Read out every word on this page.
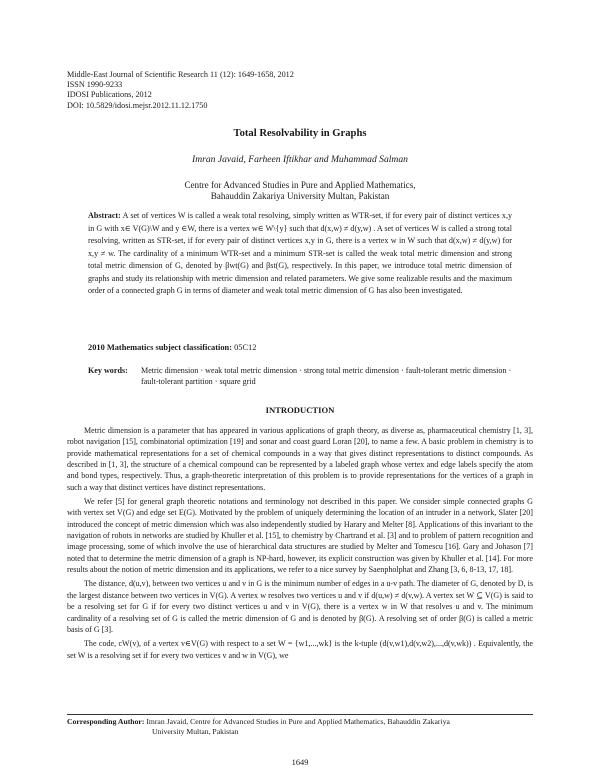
Middle-East Journal of Scientific Research 11 (12): 1649-1658, 2012
ISSN 1990-9233
IDOSI Publications, 2012
DOI: 10.5829/idosi.mejsr.2012.11.12.1750
Total Resolvability in Graphs
Imran Javaid, Farheen Iftikhar and Muhammad Salman
Centre for Advanced Studies in Pure and Applied Mathematics,
Bahauddin Zakariya University Multan, Pakistan
Abstract: A set of vertices W is called a weak total resolving, simply written as WTR-set, if for every pair of distinct vertices x,y in G with x∈ V(G)\W and y ∈W, there is a vertex w∈ W\{y} such that d(x,w) ≠ d(y,w) . A set of vertices W is called a strong total resolving, written as STR-set, if for every pair of distinct vertices x,y in G, there is a vertex w in W such that d(x,w) ≠ d(y,w) for x,y ≠ w. The cardinality of a minimum WTR-set and a minimum STR-set is called the weak total metric dimension and strong total metric dimension of G, denoted by βwt(G) and βst(G), respectively. In this paper, we introduce total metric dimension of graphs and study its relationship with metric dimension and related parameters. We give some realizable results and the maximum order of a connected graph G in terms of diameter and weak total metric dimension of G has also been investigated.
2010 Mathematics subject classification: 05C12
Key words:	Metric dimension ⋅ weak total metric dimension ⋅ strong total metric dimension ⋅ fault-tolerant metric dimension ⋅ fault-tolerant partition ⋅ square grid
INTRODUCTION

Metric dimension is a parameter that has appeared in various applications of graph theory, as diverse as, pharmaceutical chemistry [1, 3], robot navigation [15], combinatorial optimization [19] and sonar and coast guard Loran [20], to name a few. A basic problem in chemistry is to provide mathematical representations for a set of chemical compounds in a way that gives distinct representations to distinct compounds. As described in [1, 3], the structure of a chemical compound can be represented by a labeled graph whose vertex and edge labels specify the atom and bond types, respectively. Thus, a graph-theoretic interpretation of this problem is to provide representations for the vertices of a graph in such a way that distinct vertices have distinct representations.

We refer [5] for general graph theoretic notations and terminology not described in this paper. We consider simple connected graphs G with vertex set V(G) and edge set E(G). Motivated by the problem of uniquely determining the location of an intruder in a network, Slater [20] introduced the concept of metric dimension which was also independently studied by Harary and Melter [8]. Applications of this invariant to the navigation of robots in networks are studied by Khuller et al. [15], to chemistry by Chartrand et al. [3] and to problem of pattern recognition and image processing, some of which involve the use of hierarchical data structures are studied by Melter and Tomescu [16]. Gary and Johason [7] noted that to determine the metric dimension of a graph is NP-hard, however, its explicit construction was given by Khuller et al. [14]. For more results about the notion of metric dimension and its applications, we refer to a nice survey by Saenpholphat and Zhang [3, 6, 8-13, 17, 18].

The distance, d(u,v), between two vertices u and v in G is the minimum number of edges in a u-v path. The diameter of G, denoted by D, is the largest distance between two vertices in V(G). A vertex w resolves two vertices u and v if d(u,w) ≠ d(v,w). A vertex set W ⊆ V(G) is said to be a resolving set for G if for every two distinct vertices u and v in V(G), there is a vertex w in W that resolves u and v. The minimum cardinality of a resolving set of G is called the metric dimension of G and is denoted by β(G). A resolving set of order β(G) is called a metric basis of G [3].

The code, cW(v), of a vertex v∈V(G) with respect to a set W = {w1,...,wk} is the k-tuple (d(v,w1),d(v,w2),...,d(v,wk)) . Equivalently, the set W is a resolving set if for every two vertices v and w in V(G), we

Corresponding Author: Imran Javaid, Centre for Advanced Studies in Pure and Applied Mathematics, Bahauddin Zakariya
University Multan, Pakistan
1649
